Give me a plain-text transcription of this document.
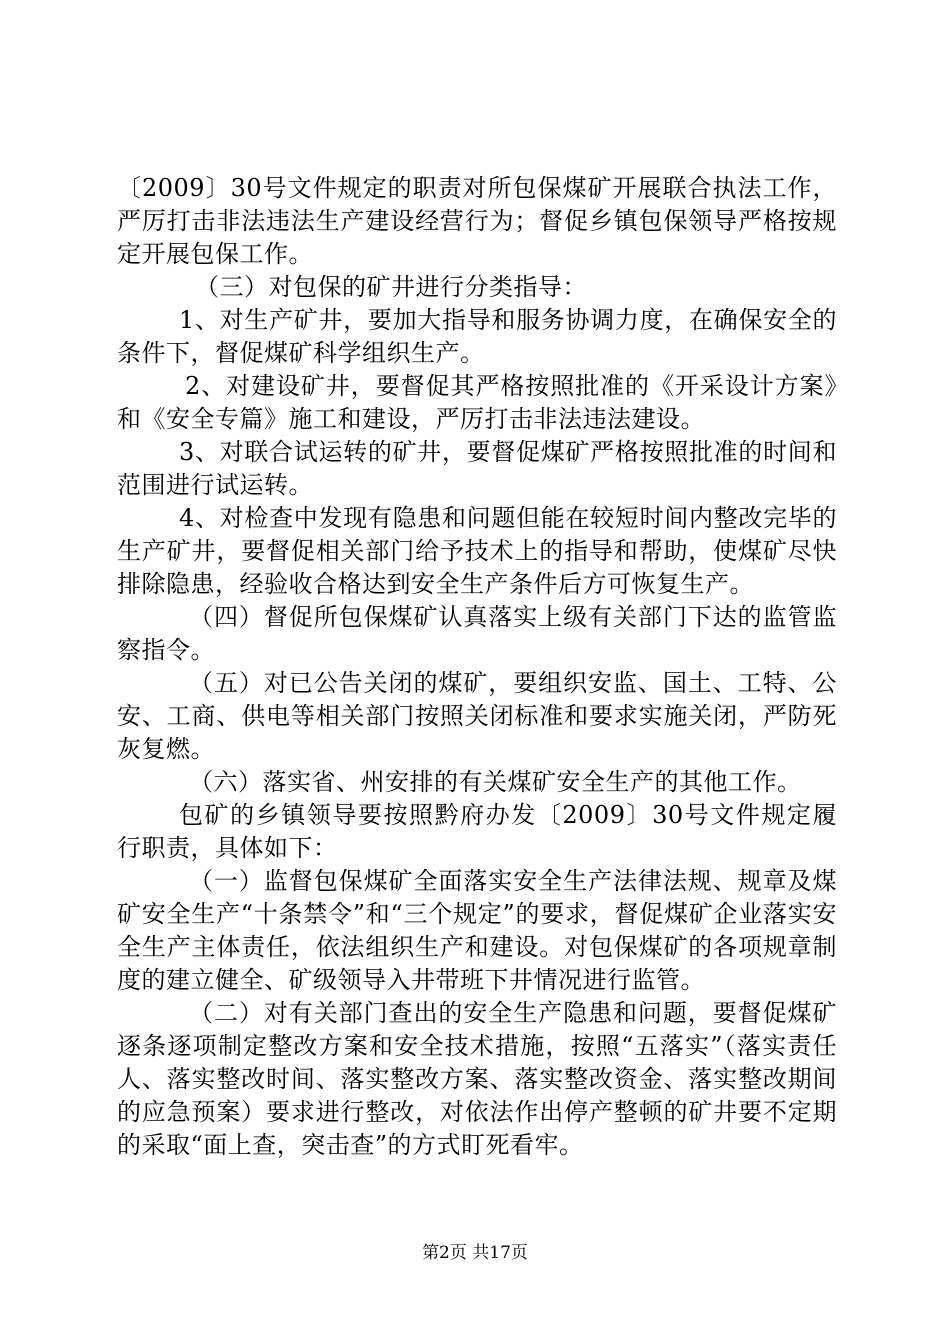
〔2009〕30号文件规定的职责对所包保煤矿开展联合执法工作，严厉打击非法违法生产建设经营行为；督促乡镇包保领导严格按规定开展包保工作。

（三）对包保的矿井进行分类指导：

1、对生产矿井，要加大指导和服务协调力度，在确保安全的条件下，督促煤矿科学组织生产。

2、对建设矿井，要督促其严格按照批准的《开采设计方案》和《安全专篇》施工和建设，严厉打击非法违法建设。

3、对联合试运转的矿井，要督促煤矿严格按照批准的时间和范围进行试运转。

4、对检查中发现有隐患和问题但能在较短时间内整改完毕的生产矿井，要督促相关部门给予技术上的指导和帮助，使煤矿尽快排除隐患，经验收合格达到安全生产条件后方可恢复生产。

（四）督促所包保煤矿认真落实上级有关部门下达的监管监察指令。

（五）对已公告关闭的煤矿，要组织安监、国土、工特、公安、工商、供电等相关部门按照关闭标准和要求实施关闭，严防死灰复燃。

（六）落实省、州安排的有关煤矿安全生产的其他工作。

包矿的乡镇领导要按照黔府办发〔2009〕30号文件规定履行职责，具体如下：

（一）监督包保煤矿全面落实安全生产法律法规、规章及煤矿安全生产“十条禁令”和“三个规定”的要求，督促煤矿企业落实安全生产主体责任，依法组织生产和建设。对包保煤矿的各项规章制度的建立健全、矿级领导入井带班下井情况进行监管。

（二）对有关部门查出的安全生产隐患和问题，要督促煤矿逐条逐项制定整改方案和安全技术措施，按照“五落实”（落实责任人、落实整改时间、落实整改方案、落实整改资金、落实整改期间的应急预案）要求进行整改，对依法作出停产整顿的矿井要不定期的采取“面上查，突击查”的方式盯死看牢。

第2页 共17页
